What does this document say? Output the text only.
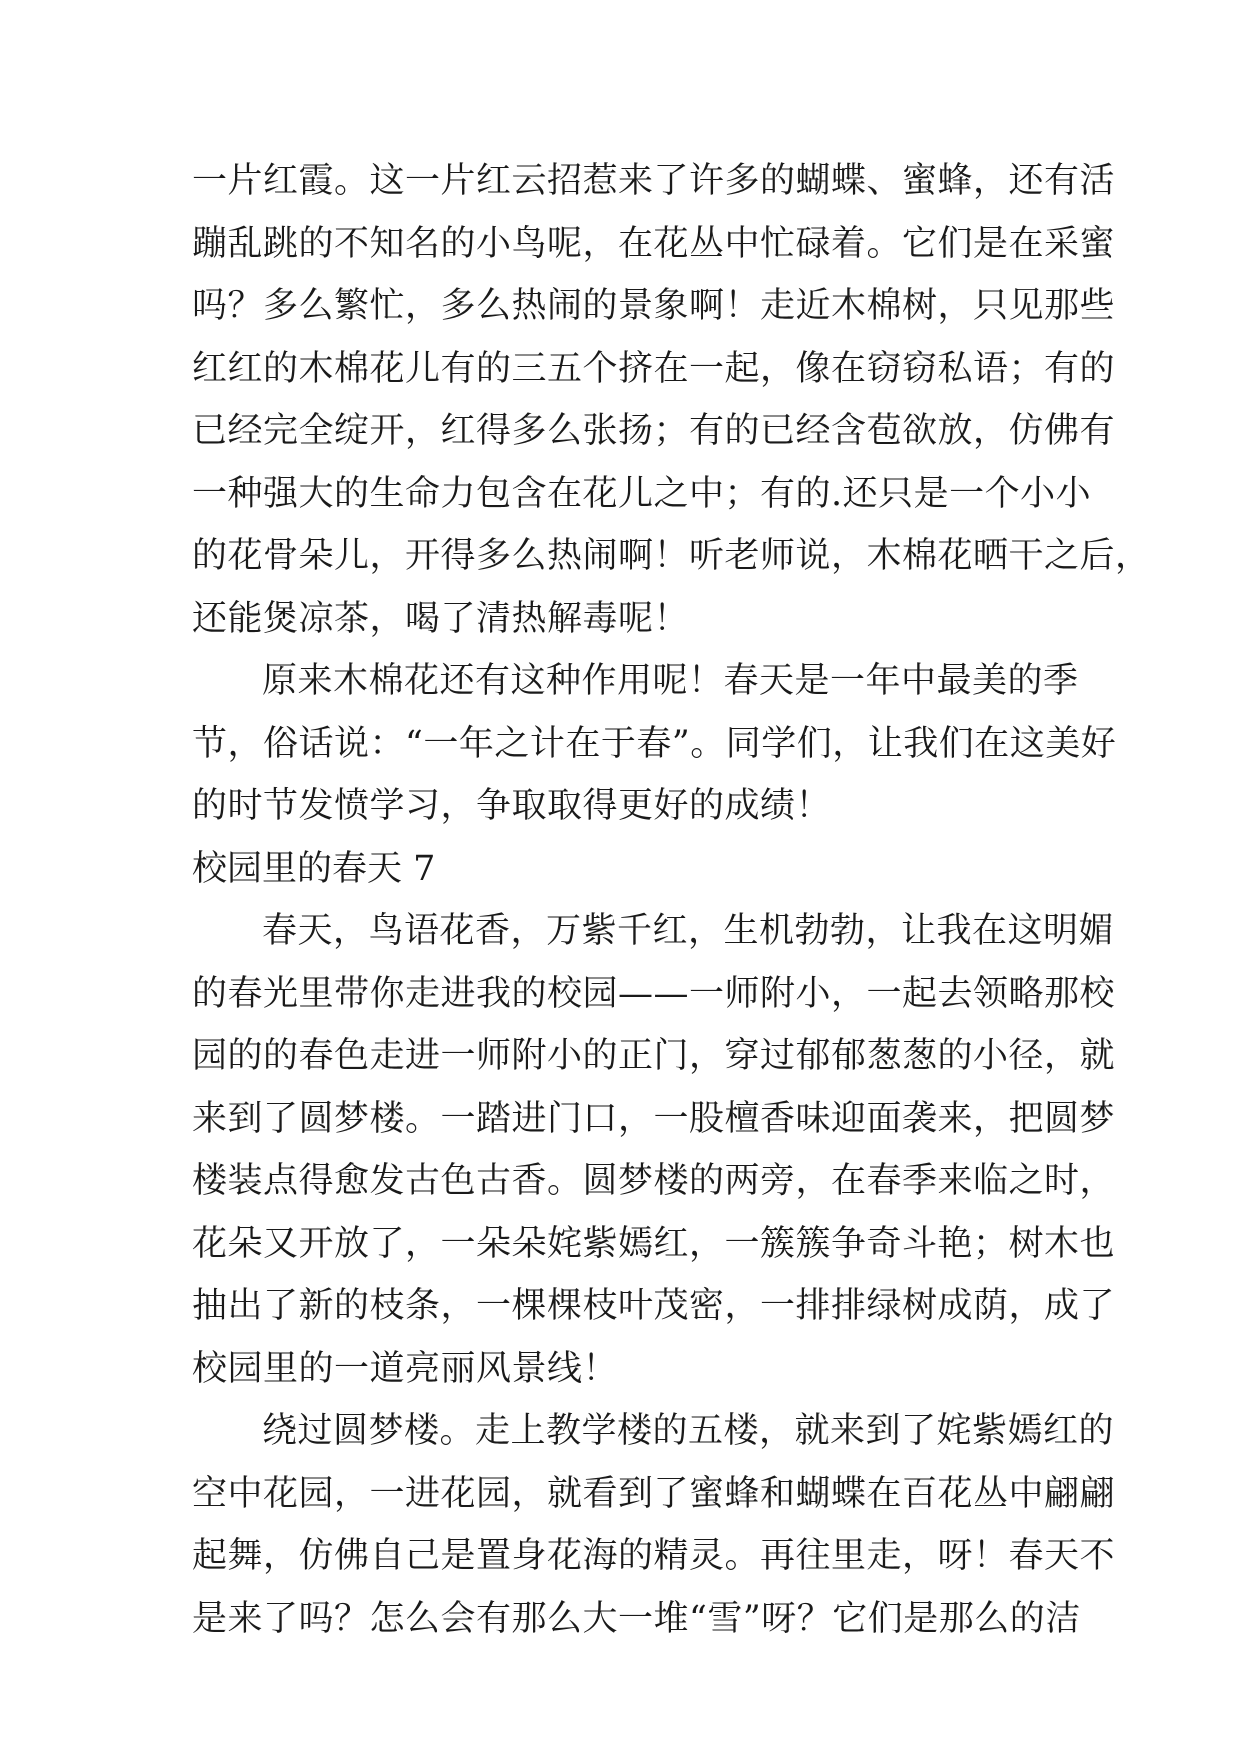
一片红霞。这一片红云招惹来了许多的蝴蝶、蜜蜂，还有活
蹦乱跳的不知名的小鸟呢，在花丛中忙碌着。它们是在采蜜
吗？多么繁忙，多么热闹的景象啊！走近木棉树，只见那些
红红的木棉花儿有的三五个挤在一起，像在窃窃私语；有的
已经完全绽开，红得多么张扬；有的已经含苞欲放，仿佛有
一种强大的生命力包含在花儿之中；有的.还只是一个小小
的花骨朵儿，开得多么热闹啊！听老师说，木棉花晒干之后，
还能煲凉茶，喝了清热解毒呢！
原来木棉花还有这种作用呢！春天是一年中最美的季
节，俗话说：“一年之计在于春”。同学们，让我们在这美好
的时节发愤学习，争取取得更好的成绩！
校园里的春天 7
春天，鸟语花香，万紫千红，生机勃勃，让我在这明媚
的春光里带你走进我的校园——一师附小，一起去领略那校
园的的春色走进一师附小的正门，穿过郁郁葱葱的小径，就
来到了圆梦楼。一踏进门口，一股檀香味迎面袭来，把圆梦
楼装点得愈发古色古香。圆梦楼的两旁，在春季来临之时，
花朵又开放了，一朵朵姹紫嫣红，一簇簇争奇斗艳；树木也
抽出了新的枝条，一棵棵枝叶茂密，一排排绿树成荫，成了
校园里的一道亮丽风景线！
绕过圆梦楼。走上教学楼的五楼，就来到了姹紫嫣红的
空中花园，一进花园，就看到了蜜蜂和蝴蝶在百花丛中翩翩
起舞，仿佛自己是置身花海的精灵。再往里走，呀！春天不
是来了吗？怎么会有那么大一堆“雪”呀？它们是那么的洁
